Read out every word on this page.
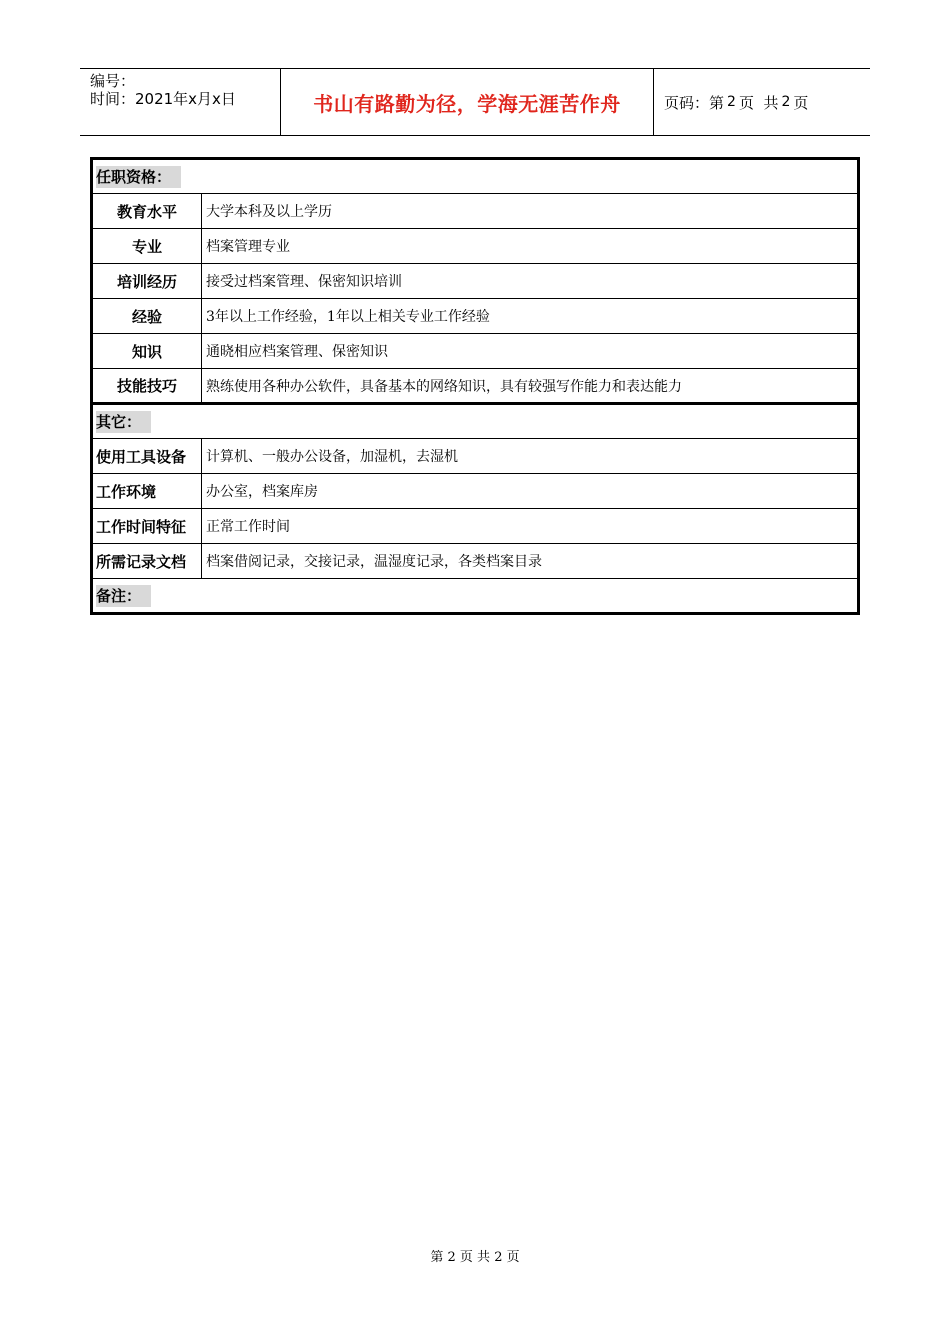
编号：
时间：2021年x月x日	书山有路勤为径，学海无涯苦作舟	页码：第 2 页  共 2 页
任职资格：	
教育水平	大学本科及以上学历
专业	档案管理专业
培训经历	接受过档案管理、保密知识培训
经验	3年以上工作经验，1年以上相关专业工作经验
知识	通晓相应档案管理、保密知识
技能技巧	熟练使用各种办公软件，具备基本的网络知识，具有较强写作能力和表达能力
其它：	
使用工具设备	计算机、一般办公设备，加湿机，去湿机
工作环境	办公室，档案库房
工作时间特征	正常工作时间
所需记录文档	档案借阅记录，交接记录，温湿度记录，各类档案目录
备注：	
第 2 页 共 2 页
